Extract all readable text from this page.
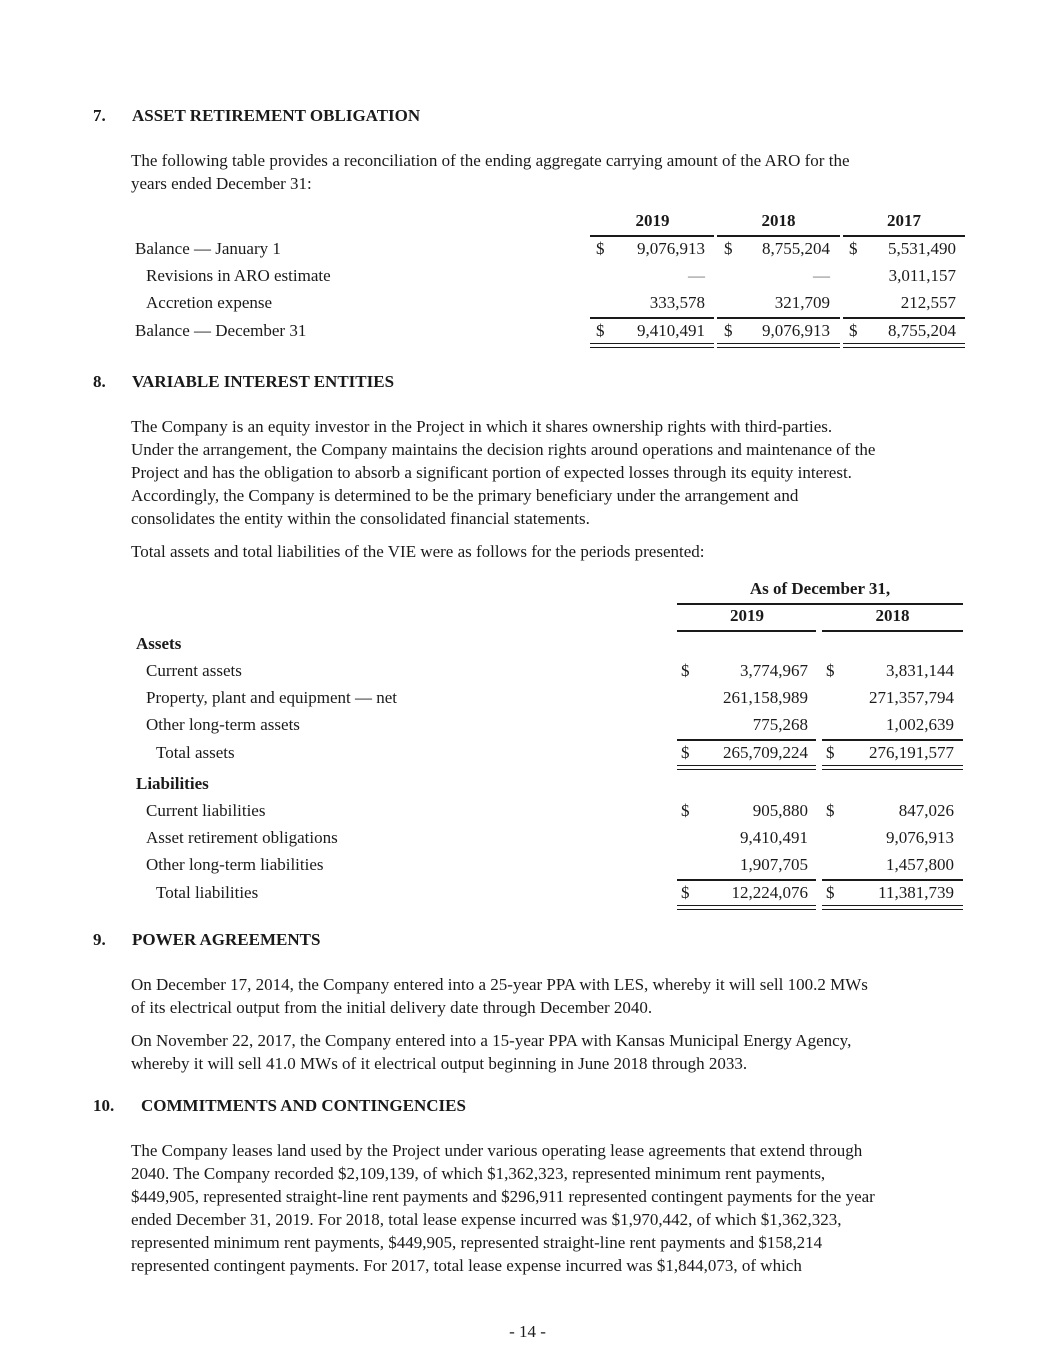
7. ASSET RETIREMENT OBLIGATION
The following table provides a reconciliation of the ending aggregate carrying amount of the ARO for the
years ended December 31:
2019	2018	2017
Balance — January 1	$	9,076,913 $	8,755,204 $	5,531,490
Revisions in ARO estimate	—	—	3,011,157
Accretion expense	333,578	321,709	212,557
Balance — December 31	$	9,410,491 $	9,076,913 $	8,755,204
8. VARIABLE INTEREST ENTITIES
The Company is an equity investor in the Project in which it shares ownership rights with third-parties.
Under the arrangement, the Company maintains the decision rights around operations and maintenance of the
Project and has the obligation to absorb a significant portion of expected losses through its equity interest.
Accordingly, the Company is determined to be the primary beneficiary under the arrangement and
consolidates the entity within the consolidated financial statements.
Total assets and total liabilities of the VIE were as follows for the periods presented:
As of December 31,
2019	2018
Assets
Current assets	$	3,774,967 $	3,831,144
Property, plant and equipment — net	261,158,989	271,357,794
Other long-term assets	775,268	1,002,639
Total assets	$	265,709,224 $	276,191,577
Liabilities
Current liabilities	$	905,880 $	847,026
Asset retirement obligations	9,410,491	9,076,913
Other long-term liabilities	1,907,705	1,457,800
Total liabilities	$	12,224,076 $	11,381,739
9. POWER AGREEMENTS
On December 17, 2014, the Company entered into a 25-year PPA with LES, whereby it will sell 100.2 MWs
of its electrical output from the initial delivery date through December 2040.
On November 22, 2017, the Company entered into a 15-year PPA with Kansas Municipal Energy Agency,
whereby it will sell 41.0 MWs of it electrical output beginning in June 2018 through 2033.
10. COMMITMENTS AND CONTINGENCIES
The Company leases land used by the Project under various operating lease agreements that extend through
2040. The Company recorded $2,109,139, of which $1,362,323, represented minimum rent payments,
$449,905, represented straight-line rent payments and $296,911 represented contingent payments for the year
ended December 31, 2019. For 2018, total lease expense incurred was $1,970,442, of which $1,362,323,
represented minimum rent payments, $449,905, represented straight-line rent payments and $158,214
represented contingent payments. For 2017, total lease expense incurred was $1,844,073, of which
- 14 -
